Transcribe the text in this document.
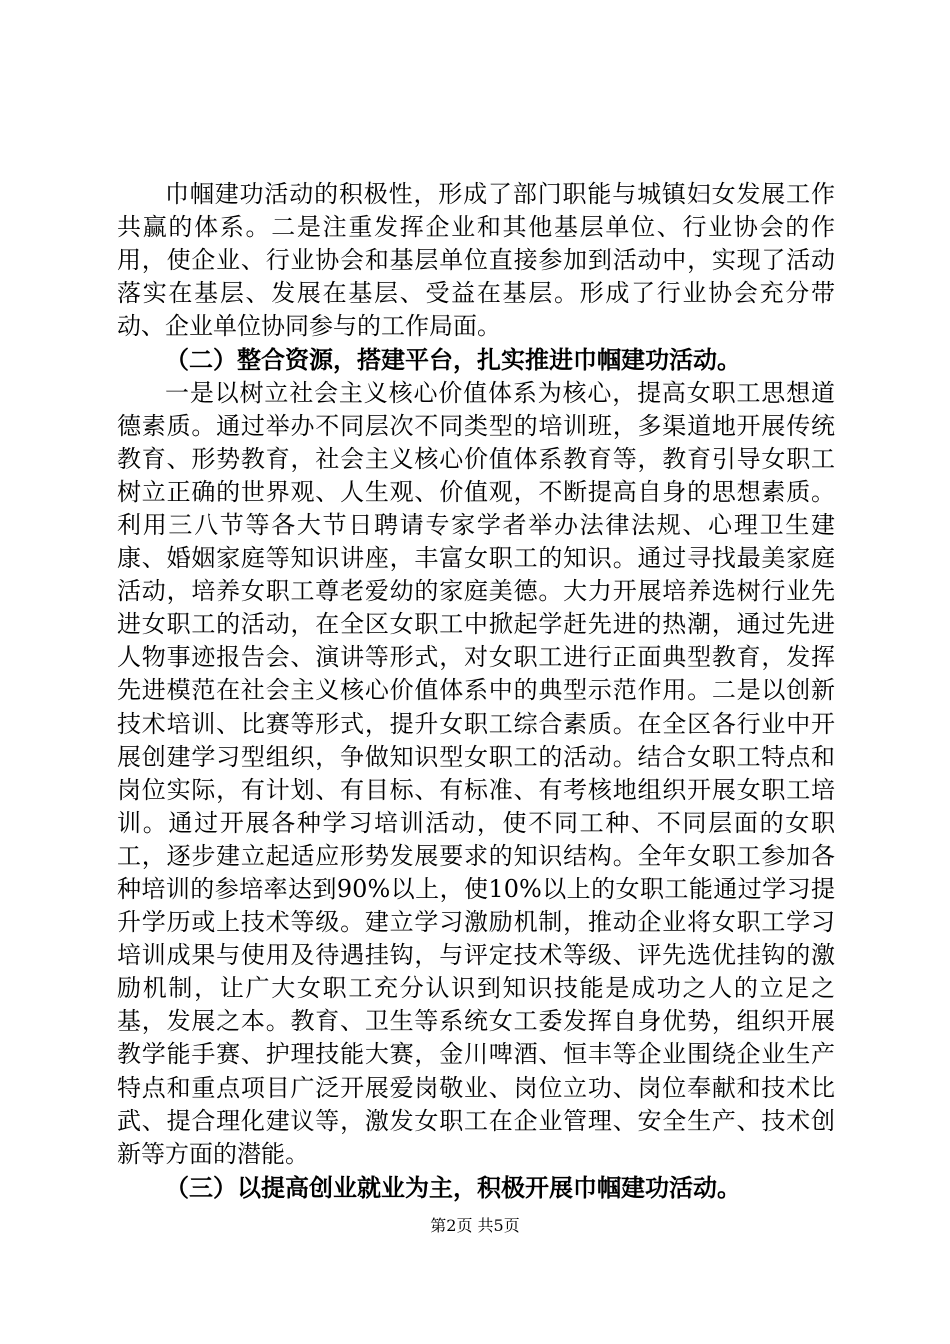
巾帼建功活动的积极性，形成了部门职能与城镇妇女发展工作共赢的体系。二是注重发挥企业和其他基层单位、行业协会的作用，使企业、行业协会和基层单位直接参加到活动中，实现了活动落实在基层、发展在基层、受益在基层。形成了行业协会充分带动、企业单位协同参与的工作局面。

（二）整合资源，搭建平台，扎实推进巾帼建功活动。

一是以树立社会主义核心价值体系为核心，提高女职工思想道德素质。通过举办不同层次不同类型的培训班，多渠道地开展传统教育、形势教育，社会主义核心价值体系教育等，教育引导女职工树立正确的世界观、人生观、价值观，不断提高自身的思想素质。利用三八节等各大节日聘请专家学者举办法律法规、心理卫生建康、婚姻家庭等知识讲座，丰富女职工的知识。通过寻找最美家庭活动，培养女职工尊老爱幼的家庭美德。大力开展培养选树行业先进女职工的活动，在全区女职工中掀起学赶先进的热潮，通过先进人物事迹报告会、演讲等形式，对女职工进行正面典型教育，发挥先进模范在社会主义核心价值体系中的典型示范作用。二是以创新技术培训、比赛等形式，提升女职工综合素质。在全区各行业中开展创建学习型组织，争做知识型女职工的活动。结合女职工特点和岗位实际，有计划、有目标、有标准、有考核地组织开展女职工培训。通过开展各种学习培训活动，使不同工种、不同层面的女职工，逐步建立起适应形势发展要求的知识结构。全年女职工参加各种培训的参培率达到90%以上，使10%以上的女职工能通过学习提升学历或上技术等级。建立学习激励机制，推动企业将女职工学习培训成果与使用及待遇挂钩，与评定技术等级、评先选优挂钩的激励机制，让广大女职工充分认识到知识技能是成功之人的立足之基，发展之本。教育、卫生等系统女工委发挥自身优势，组织开展教学能手赛、护理技能大赛，金川啤酒、恒丰等企业围绕企业生产特点和重点项目广泛开展爱岗敬业、岗位立功、岗位奉献和技术比武、提合理化建议等，激发女职工在企业管理、安全生产、技术创新等方面的潜能。

（三）以提高创业就业为主，积极开展巾帼建功活动。

第2页 共5页
